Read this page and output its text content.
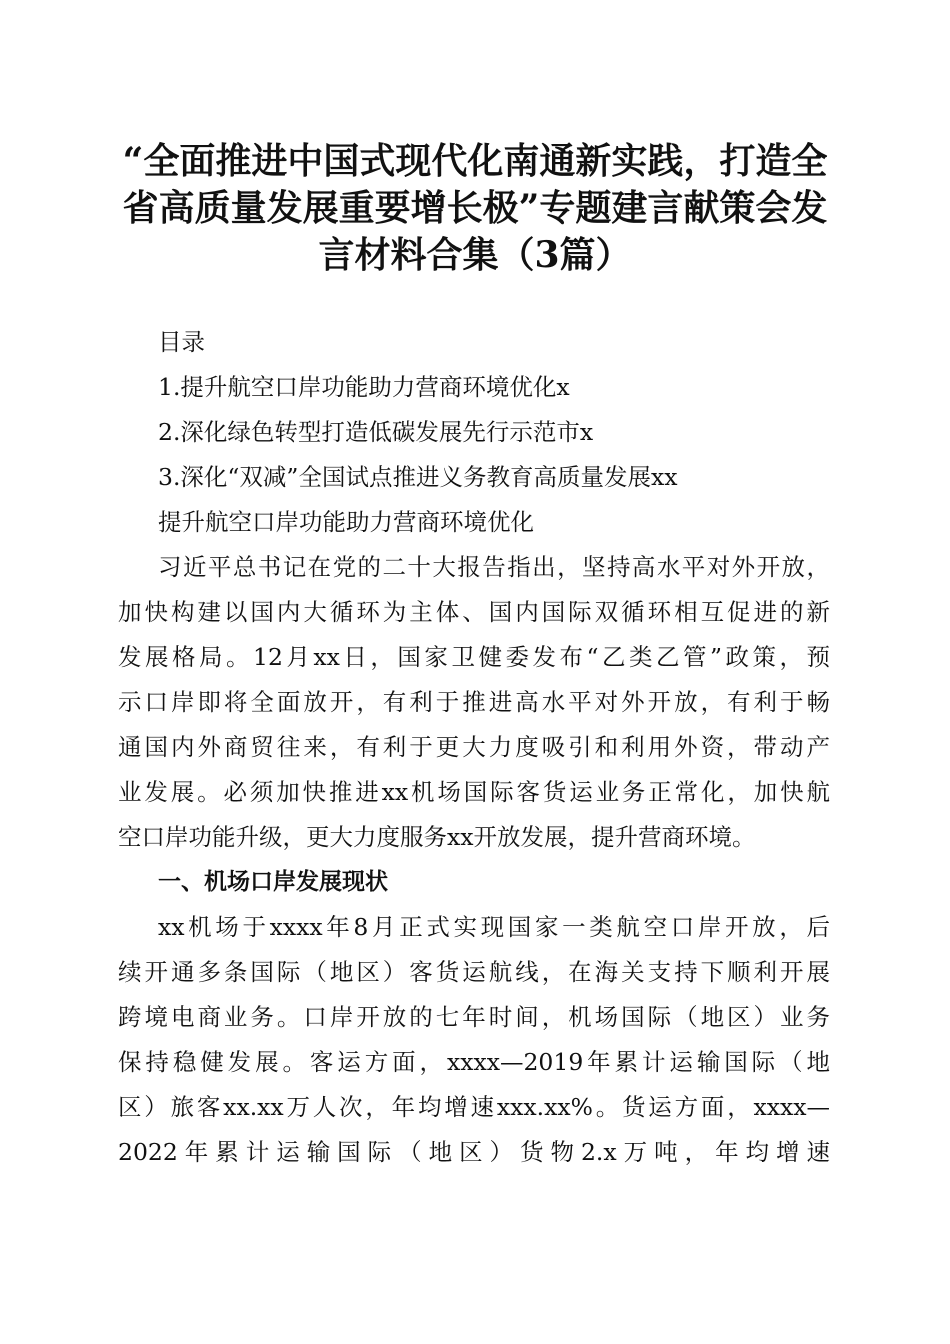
“全面推进中国式现代化南通新实践，打造全
省高质量发展重要增长极”专题建言献策会发
言材料合集（3篇）
目录
1.提升航空口岸功能助力营商环境优化x
2.深化绿色转型打造低碳发展先行示范市x
3.深化“双减”全国试点推进义务教育高质量发展xx
提升航空口岸功能助力营商环境优化
习近平总书记在党的二十大报告指出，坚持高水平对外开放，
加快构建以国内大循环为主体、国内国际双循环相互促进的新
发展格局。12月xx日，国家卫健委发布“乙类乙管”政策，预
示口岸即将全面放开，有利于推进高水平对外开放，有利于畅
通国内外商贸往来，有利于更大力度吸引和利用外资，带动产
业发展。必须加快推进xx机场国际客货运业务正常化，加快航
空口岸功能升级，更大力度服务xx开放发展，提升营商环境。
一、机场口岸发展现状
xx机场于xxxx年8月正式实现国家一类航空口岸开放，后
续开通多条国际（地区）客货运航线，在海关支持下顺利开展
跨境电商业务。口岸开放的七年时间，机场国际（地区）业务
保持稳健发展。客运方面，xxxx—2019年累计运输国际（地
区）旅客xx.xx万人次，年均增速xxx.xx%。货运方面，xxxx—
2022年累计运输国际（地区）货物2.x万吨，年均增速
